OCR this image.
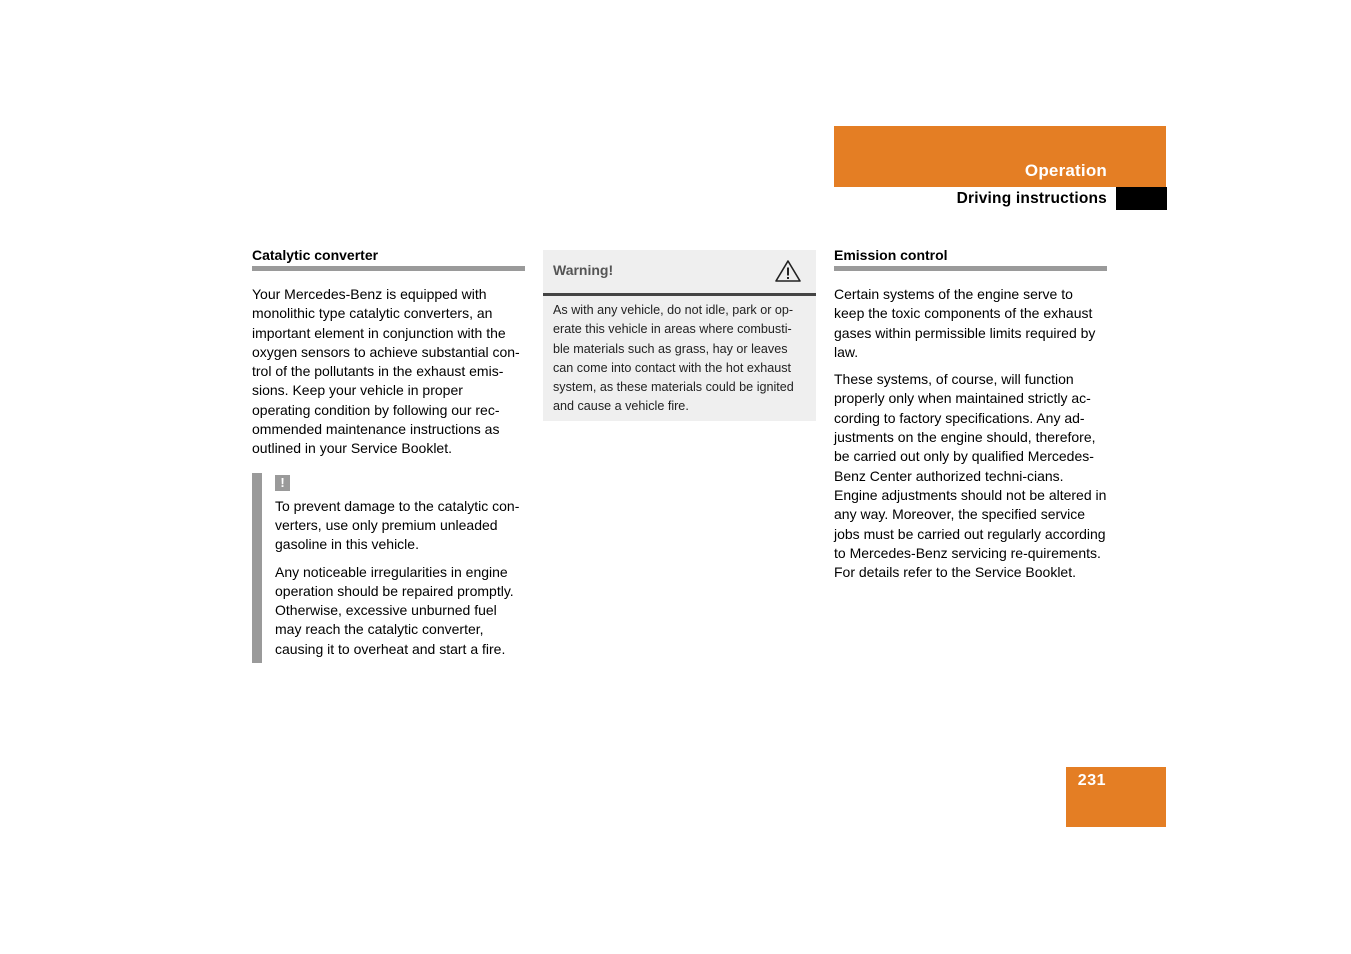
Operation
Driving instructions
Catalytic converter

Your Mercedes-Benz is equipped with monolithic type catalytic converters, an important element in conjunction with the oxygen sensors to achieve substantial con-trol of the pollutants in the exhaust emis-sions. Keep your vehicle in proper operating condition by following our rec-ommended maintenance instructions as outlined in your Service Booklet.

!

To prevent damage to the catalytic con-verters, use only premium unleaded gasoline in this vehicle.

Any noticeable irregularities in engine operation should be repaired promptly. Otherwise, excessive unburned fuel may reach the catalytic converter, causing it to overheat and start a fire.

Warning!
As with any vehicle, do not idle, park or op-erate this vehicle in areas where combusti-ble materials such as grass, hay or leaves can come into contact with the hot exhaust system, as these materials could be ignited and cause a vehicle fire.
Emission control

Certain systems of the engine serve to keep the toxic components of the exhaust gases within permissible limits required by law.

These systems, of course, will function properly only when maintained strictly ac-cording to factory specifications. Any ad-justments on the engine should, therefore, be carried out only by qualified Mercedes-Benz Center authorized techni-cians. Engine adjustments should not be altered in any way. Moreover, the specified service jobs must be carried out regularly according to Mercedes-Benz servicing re-quirements. For details refer to the Service Booklet.

231
